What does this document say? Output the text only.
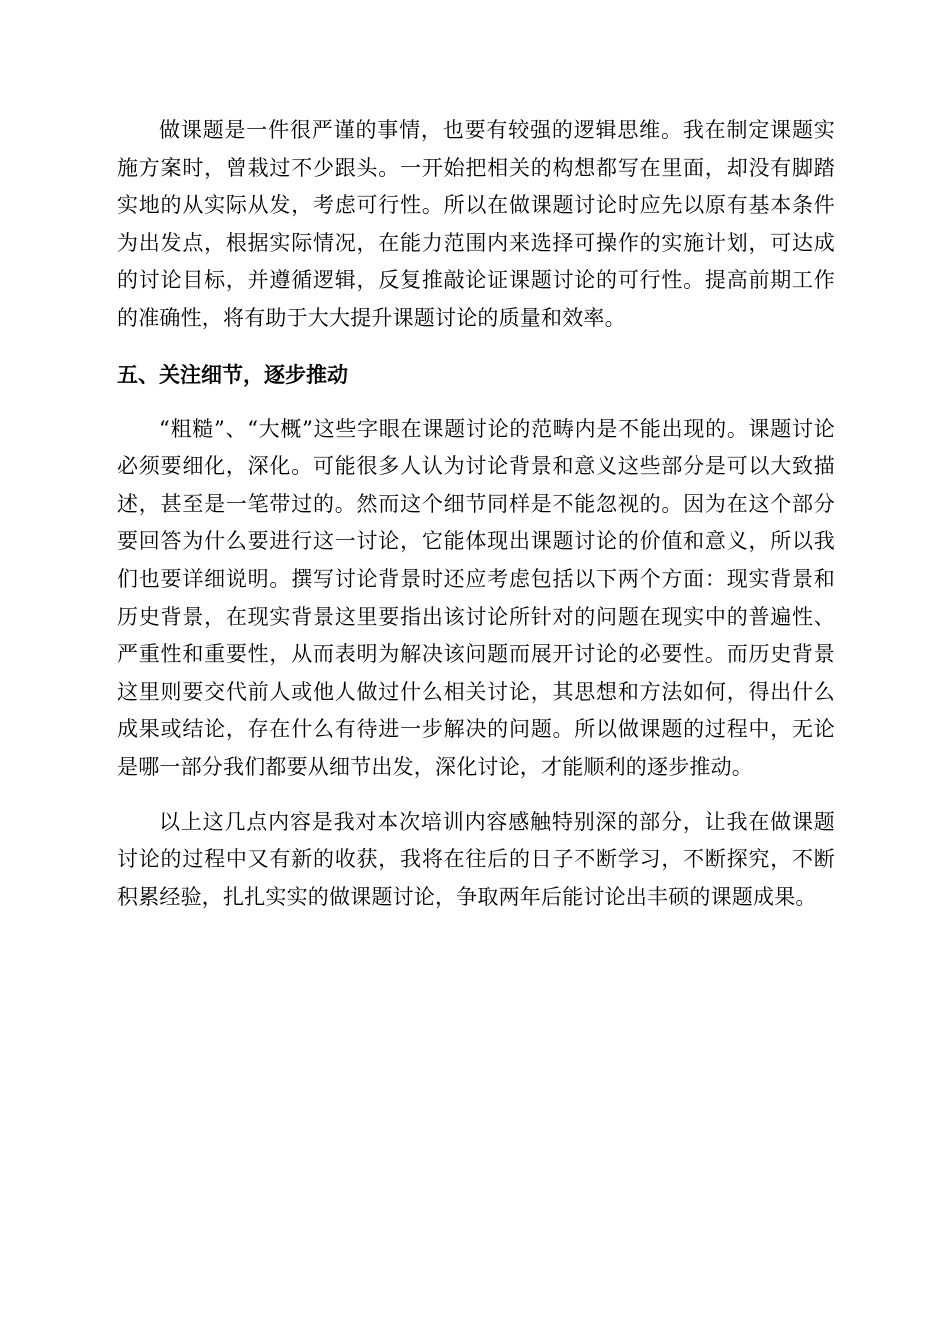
做课题是一件很严谨的事情，也要有较强的逻辑思维。我在制定课题实施方案时，曾栽过不少跟头。一开始把相关的构想都写在里面，却没有脚踏实地的从实际从发，考虑可行性。所以在做课题讨论时应先以原有基本条件为出发点，根据实际情况，在能力范围内来选择可操作的实施计划，可达成的讨论目标，并遵循逻辑，反复推敲论证课题讨论的可行性。提高前期工作的准确性，将有助于大大提升课题讨论的质量和效率。

五、关注细节，逐步推动

“粗糙”、“大概”这些字眼在课题讨论的范畴内是不能出现的。课题讨论必须要细化，深化。可能很多人认为讨论背景和意义这些部分是可以大致描述，甚至是一笔带过的。然而这个细节同样是不能忽视的。因为在这个部分要回答为什么要进行这一讨论，它能体现出课题讨论的价值和意义，所以我们也要详细说明。撰写讨论背景时还应考虑包括以下两个方面：现实背景和历史背景，在现实背景这里要指出该讨论所针对的问题在现实中的普遍性、严重性和重要性，从而表明为解决该问题而展开讨论的必要性。而历史背景这里则要交代前人或他人做过什么相关讨论，其思想和方法如何，得出什么成果或结论，存在什么有待进一步解决的问题。所以做课题的过程中，无论是哪一部分我们都要从细节出发，深化讨论，才能顺利的逐步推动。

以上这几点内容是我对本次培训内容感触特别深的部分，让我在做课题讨论的过程中又有新的收获，我将在往后的日子不断学习，不断探究，不断积累经验，扎扎实实的做课题讨论，争取两年后能讨论出丰硕的课题成果。
